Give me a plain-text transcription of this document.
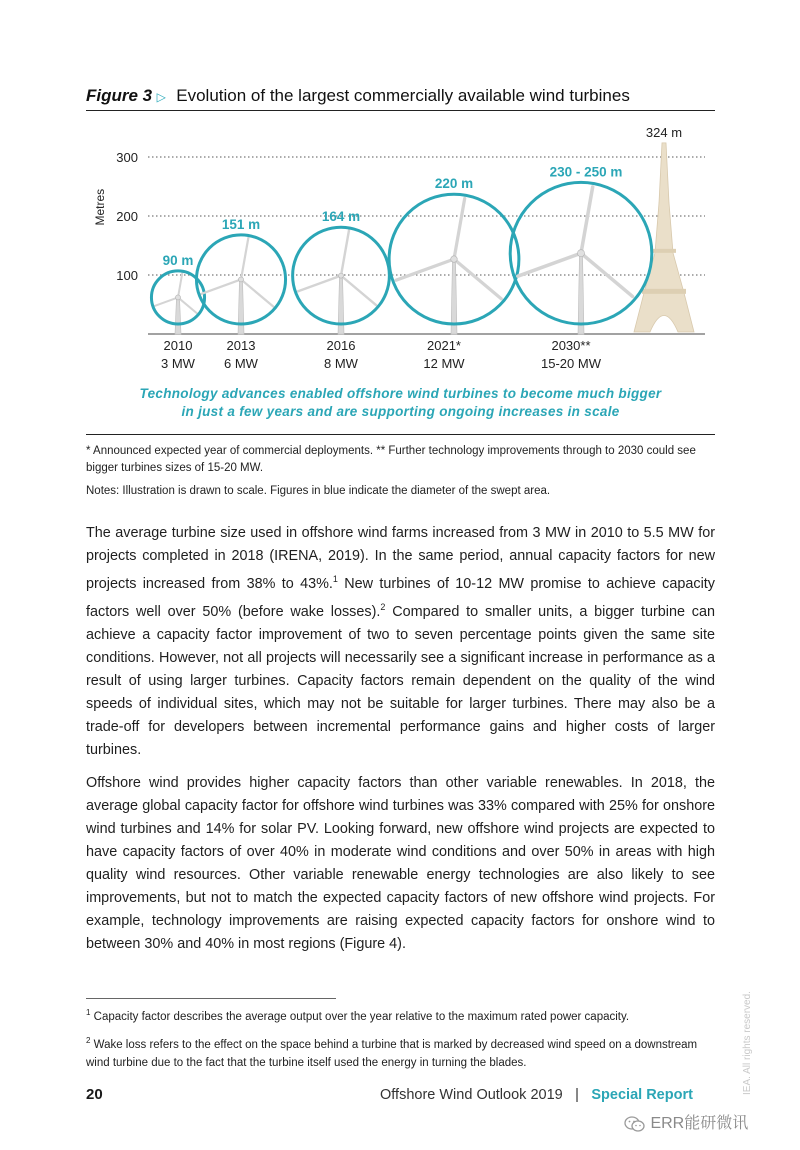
Figure 3 ▷ Evolution of the largest commercially available wind turbines
100
200
300
Metres
324 m
90 m
2010
3 MW
151 m
2013
6 MW
164 m
2016
8 MW
220 m
2021*
12 MW
230 - 250 m
2030**
15-20 MW
Technology advances enabled offshore wind turbines to become much bigger
in just a few years and are supporting ongoing increases in scale
* Announced expected year of commercial deployments. ** Further technology improvements through to 2030 could see bigger turbines sizes of 15-20 MW.
Notes: Illustration is drawn to scale. Figures in blue indicate the diameter of the swept area.

The average turbine size used in offshore wind farms increased from 3 MW in 2010 to 5.5 MW for projects completed in 2018 (IRENA, 2019). In the same period, annual capacity factors for new projects increased from 38% to 43%.$^1$ New turbines of 10-12 MW promise to achieve capacity factors well over 50% (before wake losses).$^2$ Compared to smaller units, a bigger turbine can achieve a capacity factor improvement of two to seven percentage points given the same site conditions. However, not all projects will necessarily see a significant increase in performance as a result of using larger turbines. Capacity factors remain dependent on the quality of the wind speeds of individual sites, which may not be suitable for larger turbines. There may also be a trade-off for developers between incremental performance gains and higher costs of larger turbines.

Offshore wind provides higher capacity factors than other variable renewables. In 2018, the average global capacity factor for offshore wind turbines was 33% compared with 25% for onshore wind turbines and 14% for solar PV. Looking forward, new offshore wind projects are expected to have capacity factors of over 40% in moderate wind conditions and over 50% in areas with high quality wind resources. Other variable renewable energy technologies are also likely to see improvements, but not to match the expected capacity factors of new offshore wind projects. For example, technology improvements are raising expected capacity factors for onshore wind to between 30% and 40% in most regions (Figure 4).

$^1$ Capacity factor describes the average output over the year relative to the maximum rated power capacity.
$^2$ Wake loss refers to the effect on the space behind a turbine that is marked by decreased wind speed on a downstream wind turbine due to the fact that the turbine itself used the energy in turning the blades.
20	Offshore Wind Outlook 2019 | Special Report	IEA. All rights reserved.
ERR能研微讯
